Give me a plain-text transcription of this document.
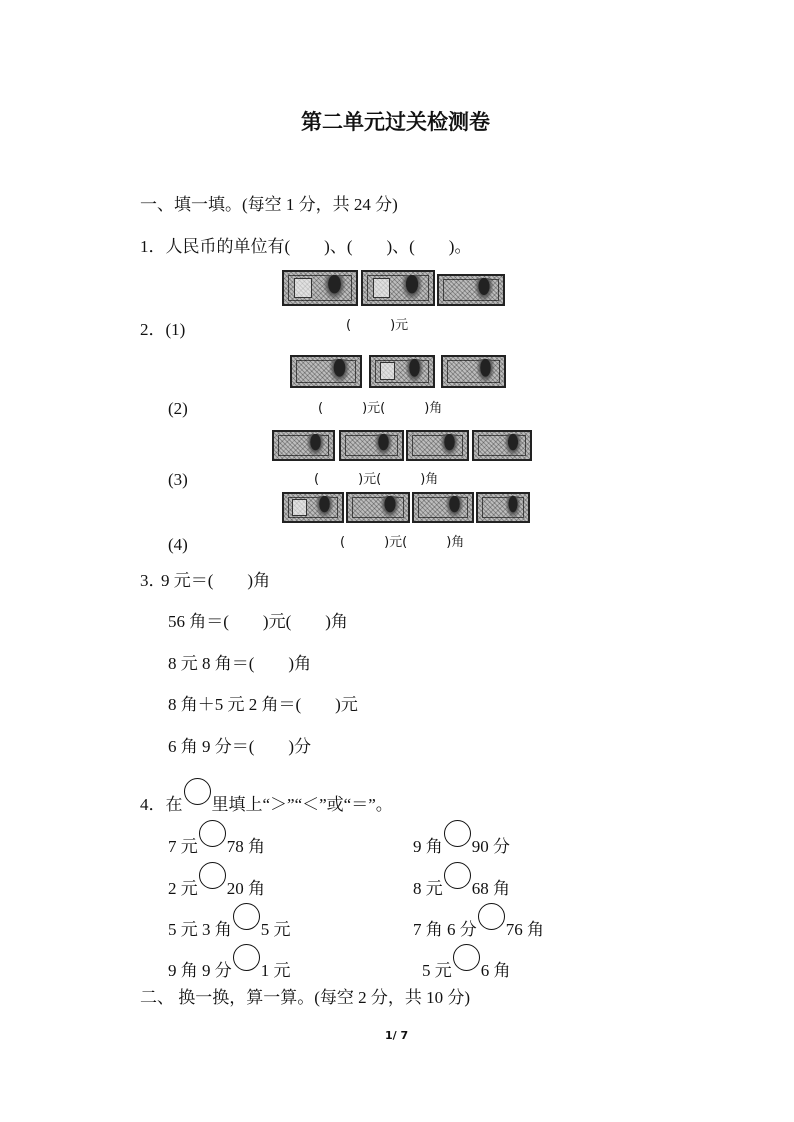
第二单元过关检测卷
一、填一填。(每空 1 分，共 24 分)
1．人民币的单位有(　　)、(　　)、(　　)。
2．(1)	(　　　)元
(2)	(　　　)元(　　　)角
(3)	(　　　)元(　　　)角
(4)	(　　　)元(　　　)角
3．
9 元＝(　　)角
56 角＝(　　)元(　　)角
8 元 8 角＝(　　)角
8 角＋5 元 2 角＝(　　)元
6 角 9 分＝(　　)分
4．在 里填上“＞”“＜”或“＝”。
7 元 78 角	9 角 90 分
2 元 20 角	8 元 68 角
5 元 3 角 5 元	7 角 6 分 76 角
9 角 9 分 1 元	5 元 6 角
二、 换一换，算一算。(每空 2 分，共 10 分)
1/ 7
